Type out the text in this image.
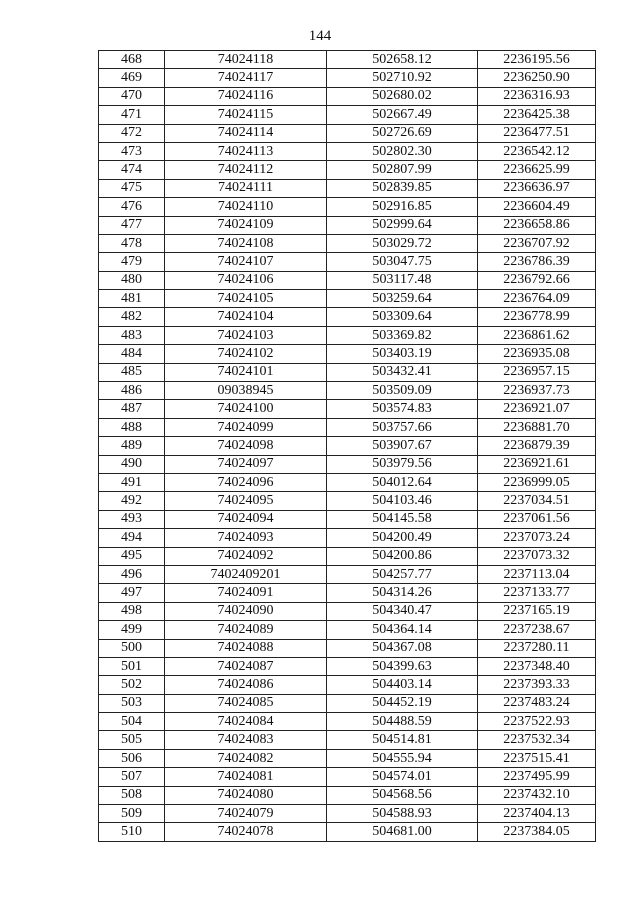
144
468	74024118	502658.12	2236195.56
469	74024117	502710.92	2236250.90
470	74024116	502680.02	2236316.93
471	74024115	502667.49	2236425.38
472	74024114	502726.69	2236477.51
473	74024113	502802.30	2236542.12
474	74024112	502807.99	2236625.99
475	74024111	502839.85	2236636.97
476	74024110	502916.85	2236604.49
477	74024109	502999.64	2236658.86
478	74024108	503029.72	2236707.92
479	74024107	503047.75	2236786.39
480	74024106	503117.48	2236792.66
481	74024105	503259.64	2236764.09
482	74024104	503309.64	2236778.99
483	74024103	503369.82	2236861.62
484	74024102	503403.19	2236935.08
485	74024101	503432.41	2236957.15
486	09038945	503509.09	2236937.73
487	74024100	503574.83	2236921.07
488	74024099	503757.66	2236881.70
489	74024098	503907.67	2236879.39
490	74024097	503979.56	2236921.61
491	74024096	504012.64	2236999.05
492	74024095	504103.46	2237034.51
493	74024094	504145.58	2237061.56
494	74024093	504200.49	2237073.24
495	74024092	504200.86	2237073.32
496	7402409201	504257.77	2237113.04
497	74024091	504314.26	2237133.77
498	74024090	504340.47	2237165.19
499	74024089	504364.14	2237238.67
500	74024088	504367.08	2237280.11
501	74024087	504399.63	2237348.40
502	74024086	504403.14	2237393.33
503	74024085	504452.19	2237483.24
504	74024084	504488.59	2237522.93
505	74024083	504514.81	2237532.34
506	74024082	504555.94	2237515.41
507	74024081	504574.01	2237495.99
508	74024080	504568.56	2237432.10
509	74024079	504588.93	2237404.13
510	74024078	504681.00	2237384.05
